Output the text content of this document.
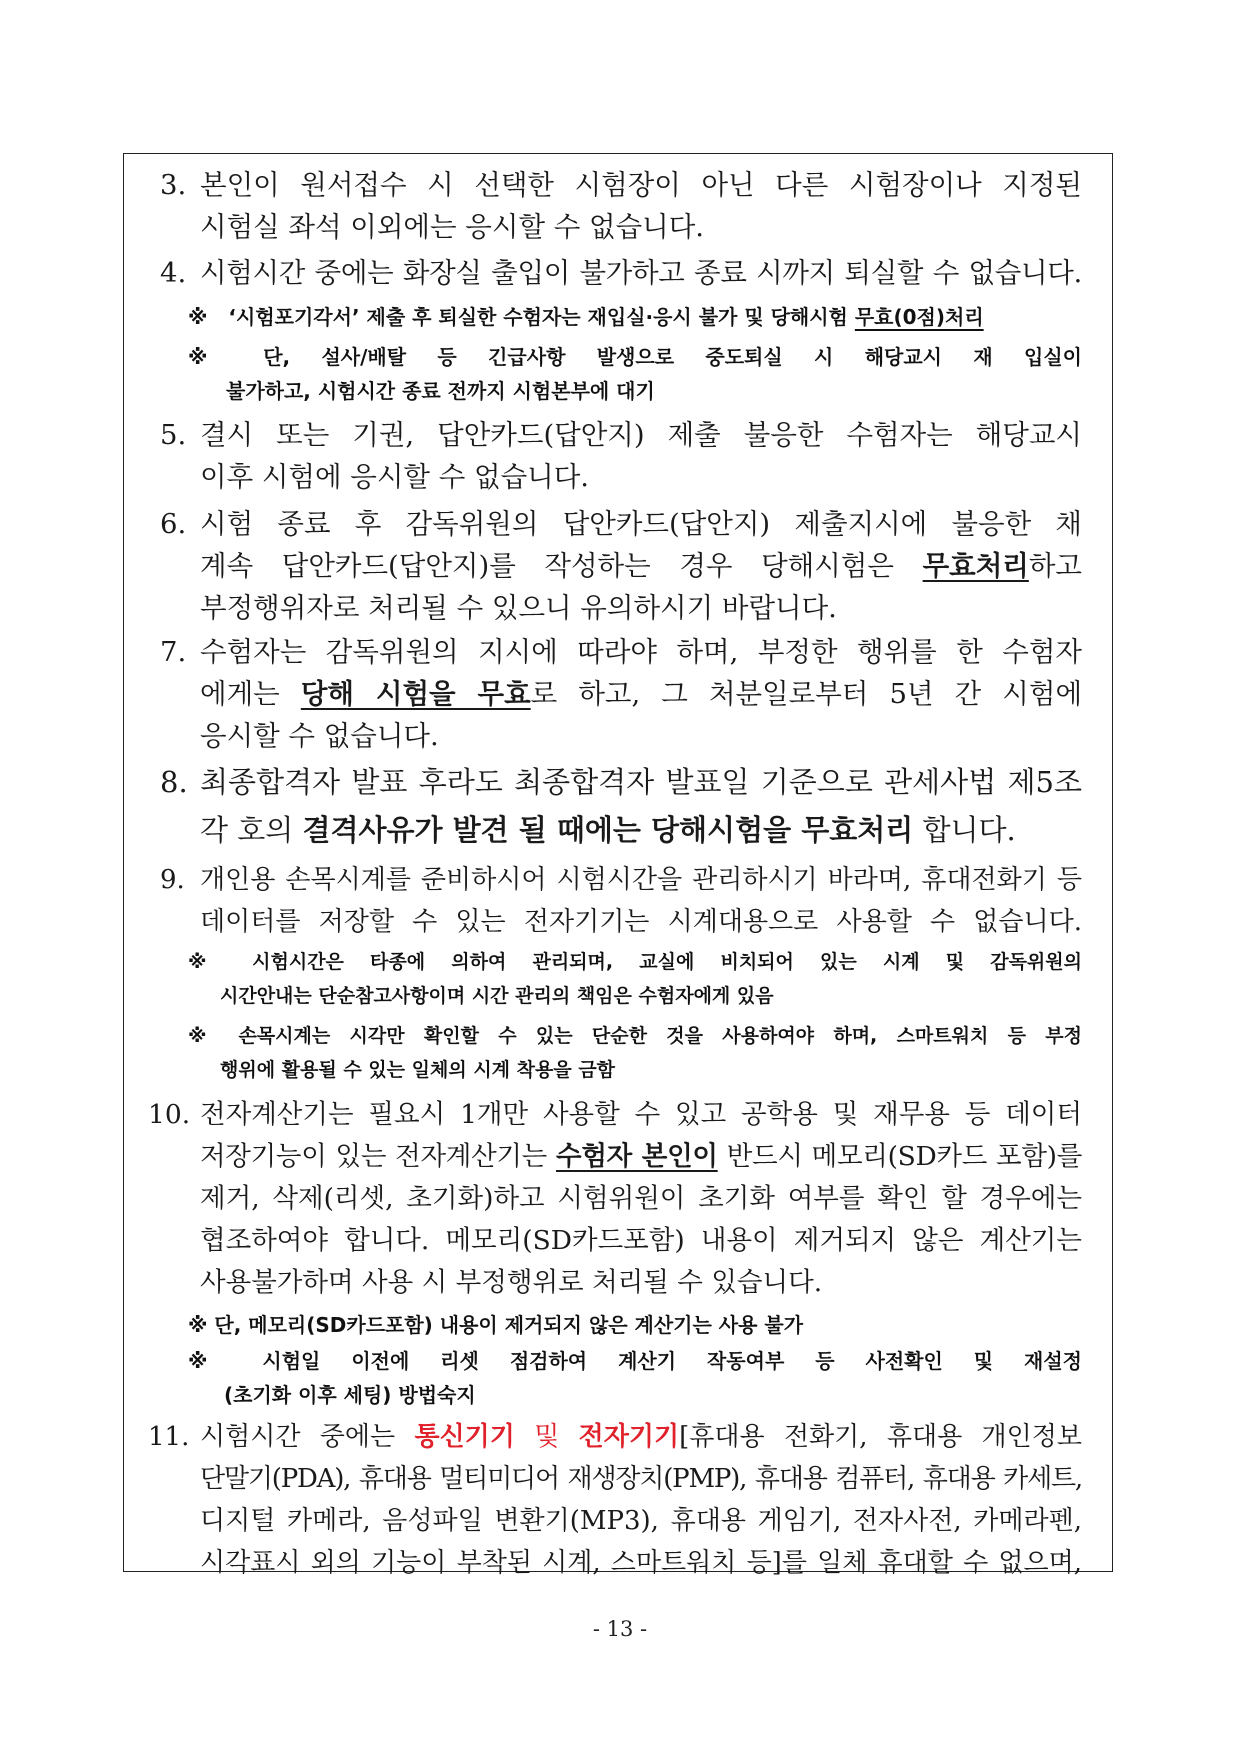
3. 본인이 원서접수 시 선택한 시험장이 아닌 다른 시험장이나 지정된
시험실 좌석 이외에는 응시할 수 없습니다.
4. 시험시간 중에는 화장실 출입이 불가하고 종료 시까지 퇴실할 수 없습니다.
※ ‘시험포기각서’ 제출 후 퇴실한 수험자는 재입실·응시 불가 및 당해시험 무효(0점)처리
※ 단, 설사/배탈 등 긴급사항 발생으로 중도퇴실 시 해당교시 재 입실이
불가하고, 시험시간 종료 전까지 시험본부에 대기
5. 결시 또는 기권, 답안카드(답안지) 제출 불응한 수험자는 해당교시
이후 시험에 응시할 수 없습니다.
6. 시험 종료 후 감독위원의 답안카드(답안지) 제출지시에 불응한 채
계속 답안카드(답안지)를 작성하는 경우 당해시험은 무효처리하고
부정행위자로 처리될 수 있으니 유의하시기 바랍니다.
7. 수험자는 감독위원의 지시에 따라야 하며, 부정한 행위를 한 수험자
에게는 당해 시험을 무효로 하고, 그 처분일로부터 5년 간 시험에
응시할 수 없습니다.
8. 최종합격자 발표 후라도 최종합격자 발표일 기준으로 관세사법 제5조
각 호의 결격사유가 발견 될 때에는 당해시험을 무효처리 합니다.
9. 개인용 손목시계를 준비하시어 시험시간을 관리하시기 바라며, 휴대전화기 등
데이터를 저장할 수 있는 전자기기는 시계대용으로 사용할 수 없습니다.
※ 시험시간은 타종에 의하여 관리되며, 교실에 비치되어 있는 시계 및 감독위원의
시간안내는 단순참고사항이며 시간 관리의 책임은 수험자에게 있음
※ 손목시계는 시각만 확인할 수 있는 단순한 것을 사용하여야 하며, 스마트워치 등 부정
행위에 활용될 수 있는 일체의 시계 착용을 금함
10. 전자계산기는 필요시 1개만 사용할 수 있고 공학용 및 재무용 등 데이터
저장기능이 있는 전자계산기는 수험자 본인이 반드시 메모리(SD카드 포함)를
제거, 삭제(리셋, 초기화)하고 시험위원이 초기화 여부를 확인 할 경우에는
협조하여야 합니다. 메모리(SD카드포함) 내용이 제거되지 않은 계산기는
사용불가하며 사용 시 부정행위로 처리될 수 있습니다.
※ 단, 메모리(SD카드포함) 내용이 제거되지 않은 계산기는 사용 불가
※ 시험일 이전에 리셋 점검하여 계산기 작동여부 등 사전확인 및 재설정
(초기화 이후 세팅) 방법숙지
11. 시험시간 중에는 통신기기 및 전자기기[휴대용 전화기, 휴대용 개인정보
단말기(PDA), 휴대용 멀티미디어 재생장치(PMP), 휴대용 컴퓨터, 휴대용 카세트,
디지털 카메라, 음성파일 변환기(MP3), 휴대용 게임기, 전자사전, 카메라펜,
시각표시 외의 기능이 부착된 시계, 스마트워치 등]를 일체 휴대할 수 없으며,
- 13 -
